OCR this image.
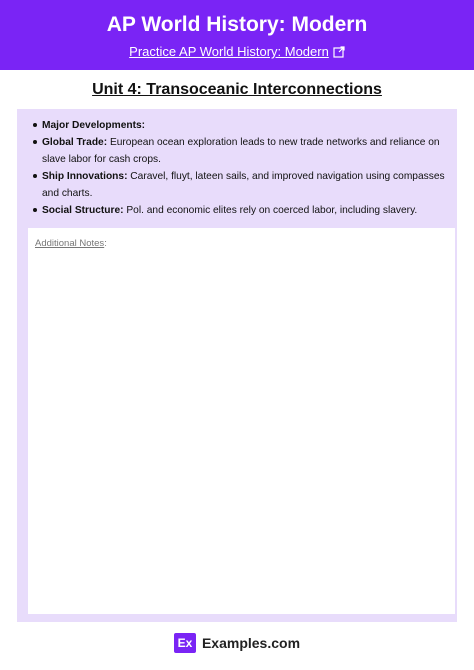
AP World History: Modern
Practice AP World History: Modern
Unit 4: Transoceanic Interconnections
Major Developments:
Global Trade: European ocean exploration leads to new trade networks and reliance on slave labor for cash crops.
Ship Innovations: Caravel, fluyt, lateen sails, and improved navigation using compasses and charts.
Social Structure: Pol. and economic elites rely on coerced labor, including slavery.
Additional Notes:
Ex Examples.com
